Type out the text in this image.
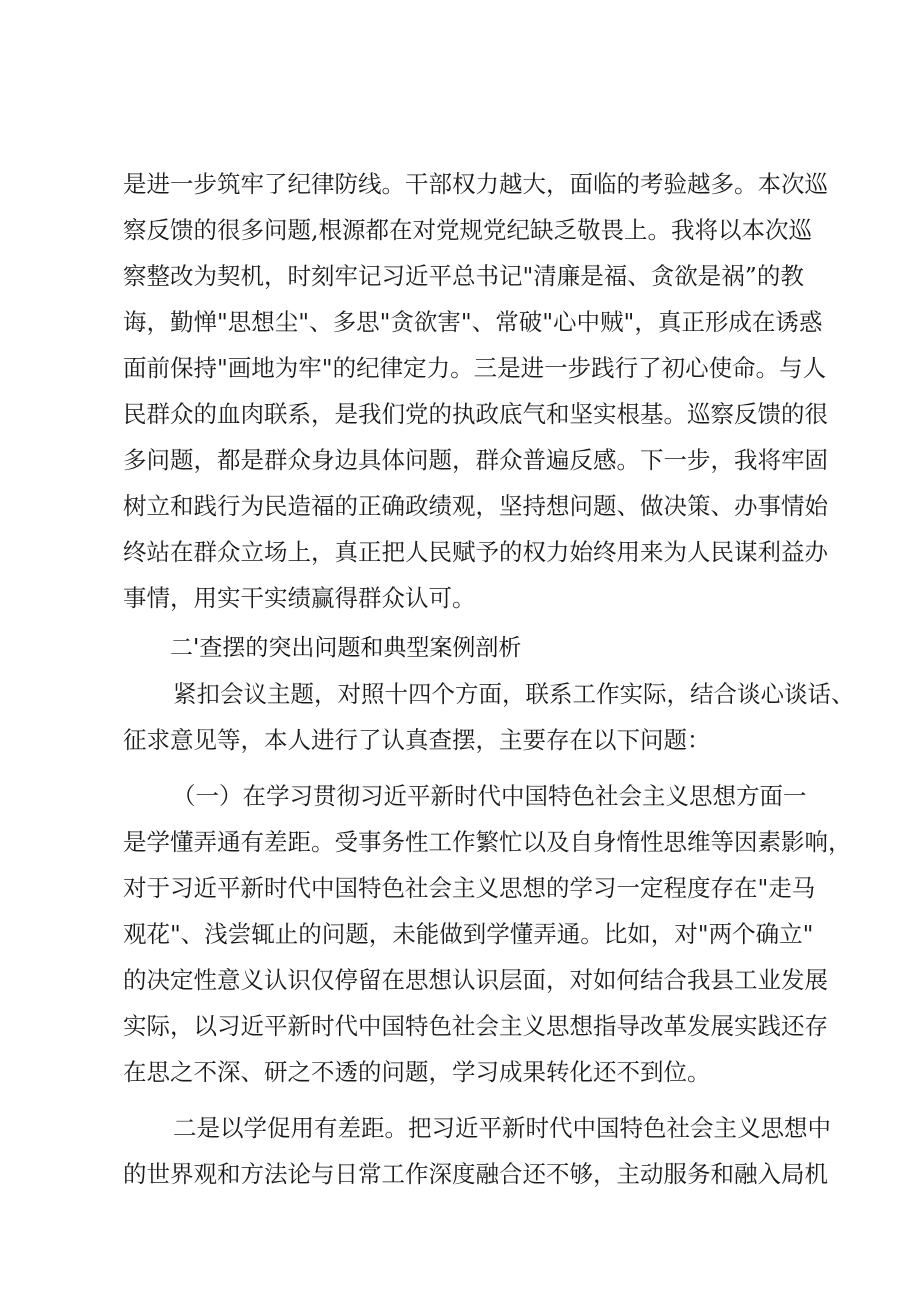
是进一步筑牢了纪律防线。干部权力越大，面临的考验越多。本次巡
察反馈的很多问题,根源都在对党规党纪缺乏敬畏上。我将以本次巡
察整改为契机，时刻牢记习近平总书记"清廉是福、贪欲是祸”的教
诲，勤惮"思想尘"、多思"贪欲害"、常破"心中贼"，真正形成在诱惑
面前保持"画地为牢"的纪律定力。三是进一步践行了初心使命。与人
民群众的血肉联系，是我们党的执政底气和坚实根基。巡察反馈的很
多问题，都是群众身边具体问题，群众普遍反感。下一步，我将牢固
树立和践行为民造福的正确政绩观，坚持想问题、做决策、办事情始
终站在群众立场上，真正把人民赋予的权力始终用来为人民谋利益办
事情，用实干实绩赢得群众认可。
二'查摆的突出问题和典型案例剖析
紧扣会议主题，对照十四个方面，联系工作实际，结合谈心谈话、
征求意见等，本人进行了认真查摆，主要存在以下问题：
（一）在学习贯彻习近平新时代中国特色社会主义思想方面一
是学懂弄通有差距。受事务性工作繁忙以及自身惰性思维等因素影响，
对于习近平新时代中国特色社会主义思想的学习一定程度存在"走马
观花"、浅尝辄止的问题，未能做到学懂弄通。比如，对"两个确立"
的决定性意义认识仅停留在思想认识层面，对如何结合我县工业发展
实际，以习近平新时代中国特色社会主义思想指导改革发展实践还存
在思之不深、研之不透的问题，学习成果转化还不到位。
二是以学促用有差距。把习近平新时代中国特色社会主义思想中
的世界观和方法论与日常工作深度融合还不够，主动服务和融入局机
